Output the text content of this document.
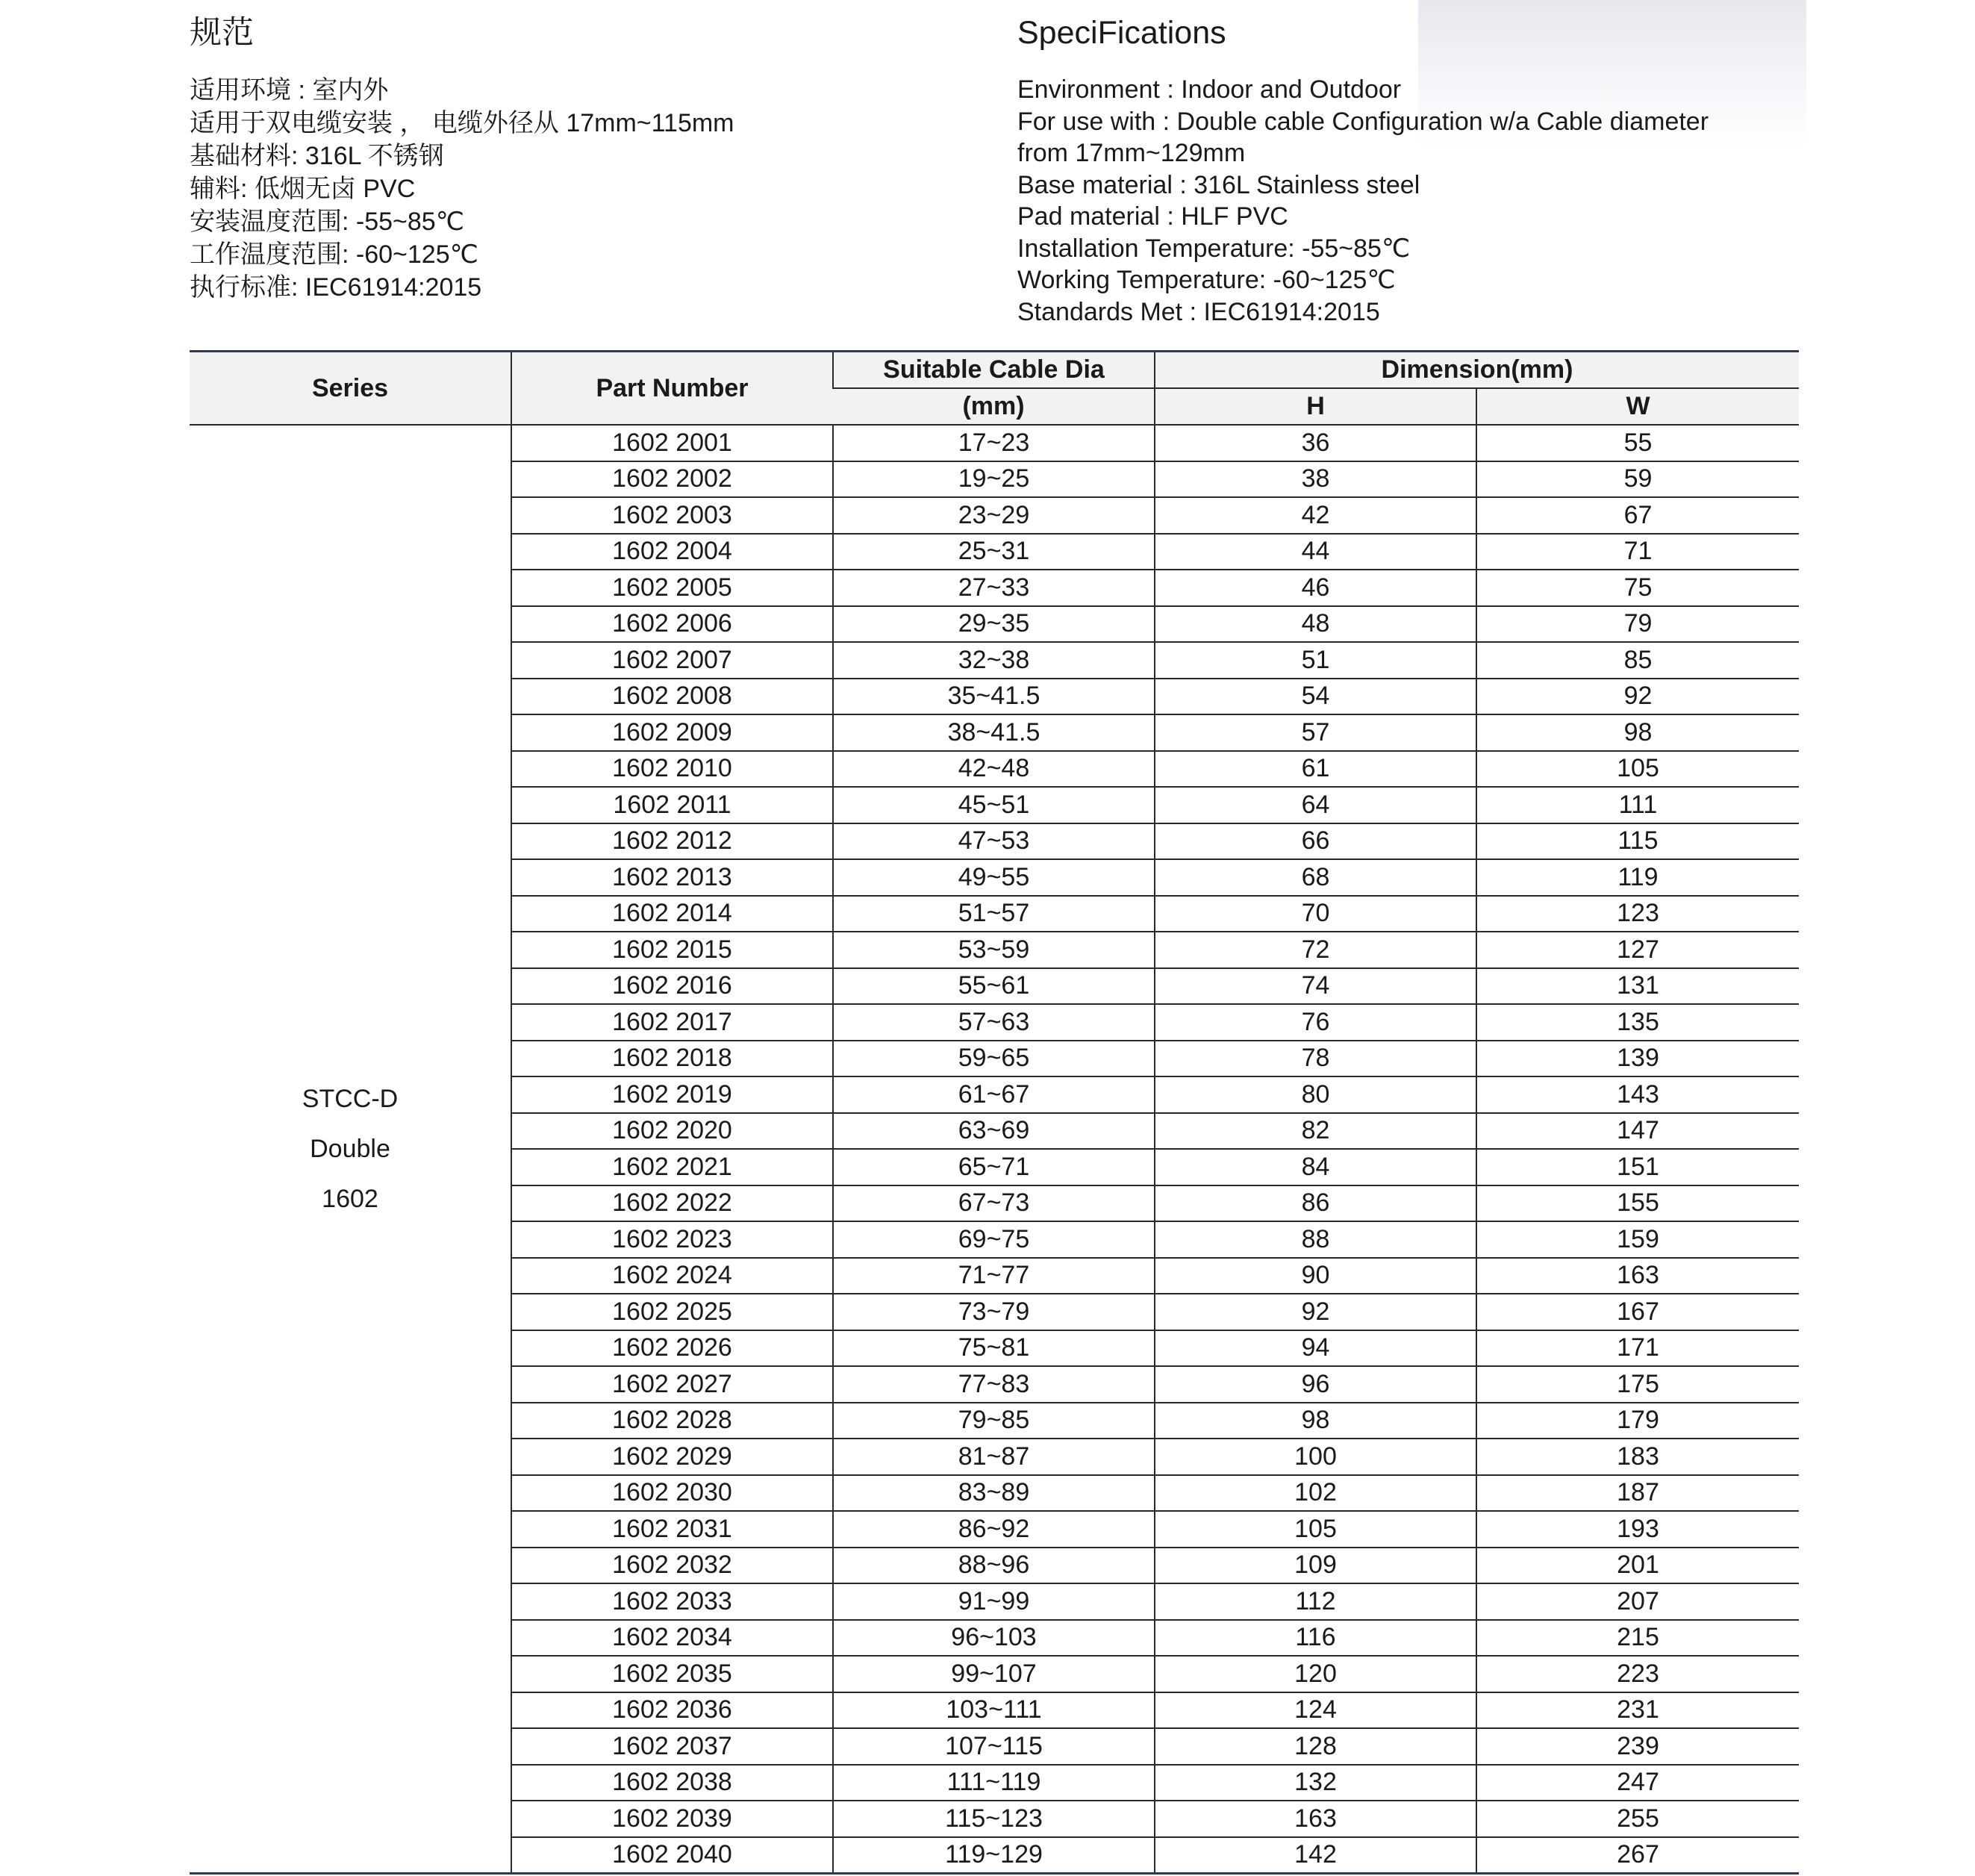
规范
适用环境 : 室内外
适用于双电缆安装 ， 电缆外径从 17mm~115mm
基础材料: 316L 不锈钢
辅料: 低烟无卤 PVC
安装温度范围: -55~85℃
工作温度范围: -60~125℃
执行标准: IEC61914:2015
SpeciFications
Environment : Indoor and Outdoor
For use with : Double cable Configuration w/a Cable diameter
from 17mm~129mm
Base material : 316L Stainless steel
Pad material : HLF PVC
Installation Temperature: -55~85℃
Working Temperature: -60~125℃
Standards Met : IEC61914:2015
Series	Part Number	Suitable Cable Dia	Dimension(mm)	
		(mm)	H	W

STCC-D
Double
1602	1602 2001	17~23	36	55
	1602 2002	19~25	38	59
	1602 2003	23~29	42	67
	1602 2004	25~31	44	71
	1602 2005	27~33	46	75
	1602 2006	29~35	48	79
	1602 2007	32~38	51	85
	1602 2008	35~41.5	54	92
	1602 2009	38~41.5	57	98
	1602 2010	42~48	61	105
	1602 2011	45~51	64	111
	1602 2012	47~53	66	115
	1602 2013	49~55	68	119
	1602 2014	51~57	70	123
	1602 2015	53~59	72	127
	1602 2016	55~61	74	131
	1602 2017	57~63	76	135
	1602 2018	59~65	78	139
	1602 2019	61~67	80	143
	1602 2020	63~69	82	147
	1602 2021	65~71	84	151
	1602 2022	67~73	86	155
	1602 2023	69~75	88	159
	1602 2024	71~77	90	163
	1602 2025	73~79	92	167
	1602 2026	75~81	94	171
	1602 2027	77~83	96	175
	1602 2028	79~85	98	179
	1602 2029	81~87	100	183
	1602 2030	83~89	102	187
	1602 2031	86~92	105	193
	1602 2032	88~96	109	201
	1602 2033	91~99	112	207
	1602 2034	96~103	116	215
	1602 2035	99~107	120	223
	1602 2036	103~111	124	231
	1602 2037	107~115	128	239
	1602 2038	111~119	132	247
	1602 2039	115~123	163	255
	1602 2040	119~129	142	267
